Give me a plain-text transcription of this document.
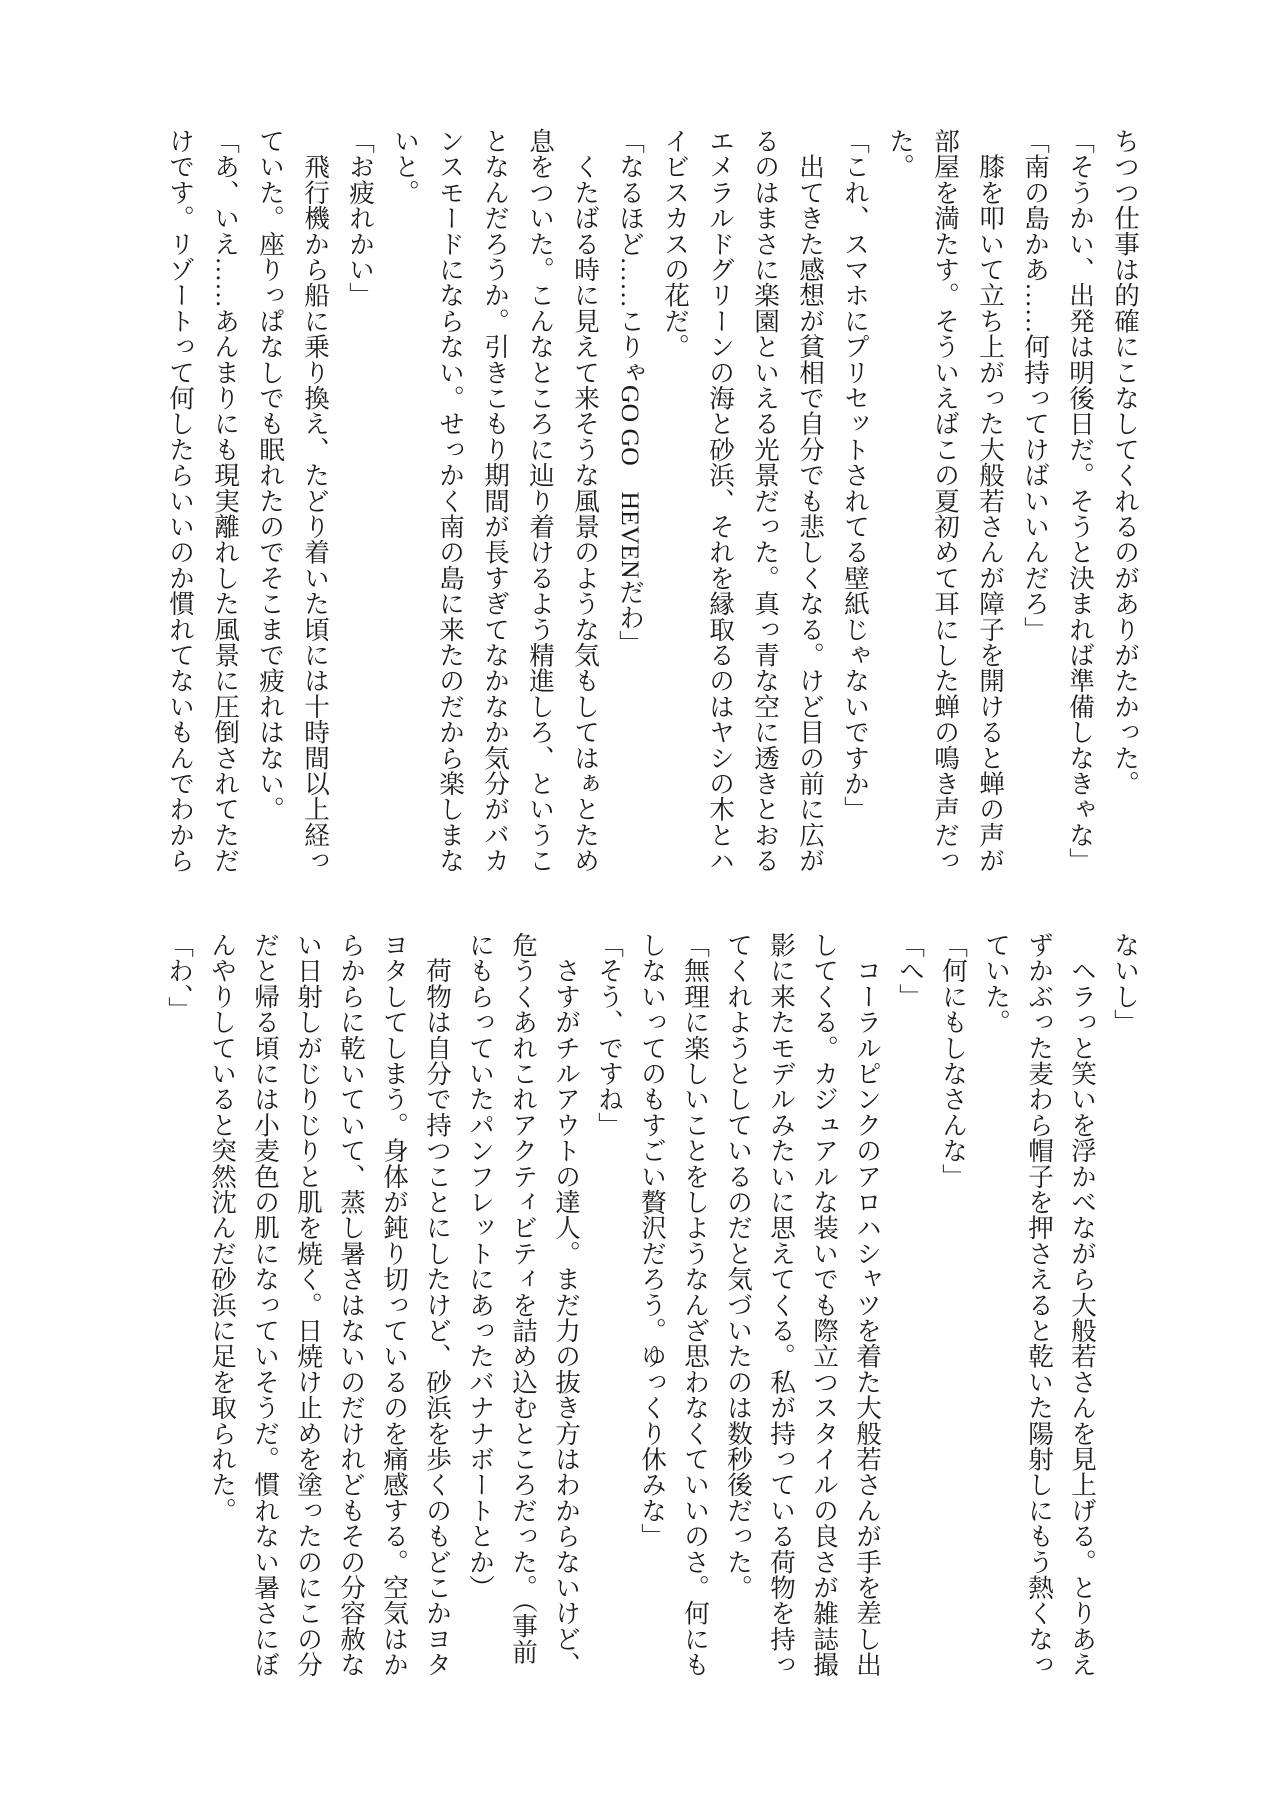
ちつつ仕事は的確にこなしてくれるのがありがたかった。

「そうかい、出発は明後日だ。そうと決まれば準備しなきゃな」

「南の島かあ……何持ってけばいいんだろ」

　膝を叩いて立ち上がった大般若さんが障子を開けると蝉の声が

部屋を満たす。そういえばこの夏初めて耳にした蝉の鳴き声だっ

た。

「これ、スマホにプリセットされてる壁紙じゃないですか」

　出てきた感想が貧相で自分でも悲しくなる。けど目の前に広が

るのはまさに楽園といえる光景だった。真っ青な空に透きとおる

エメラルドグリーンの海と砂浜、それを縁取るのはヤシの木とハ

イビスカスの花だ。

「なるほど……こりゃGO GO　HEVENだわ」

　くたばる時に見えて来そうな風景のような気もしてはぁとため

息をついた。こんなところに辿り着けるよう精進しろ、というこ

となんだろうか。引きこもり期間が長すぎてなかなか気分がバカ

ンスモードにならない。せっかく南の島に来たのだから楽しまな

いと。

「お疲れかい」

　飛行機から船に乗り換え、たどり着いた頃には十時間以上経っ

ていた。座りっぱなしでも眠れたのでそこまで疲れはない。

「あ、いえ……あんまりにも現実離れした風景に圧倒されてただ

けです。リゾートって何したらいいのか慣れてないもんでわから

ないし」

　ヘラっと笑いを浮かべながら大般若さんを見上げる。とりあえ

ずかぶった麦わら帽子を押さえると乾いた陽射しにもう熱くなっ

ていた。

「何にもしなさんな」

「へ」

　コーラルピンクのアロハシャツを着た大般若さんが手を差し出

してくる。カジュアルな装いでも際立つスタイルの良さが雑誌撮

影に来たモデルみたいに思えてくる。私が持っている荷物を持っ

てくれようとしているのだと気づいたのは数秒後だった。

「無理に楽しいことをしようなんざ思わなくていいのさ。何にも

しないってのもすごい贅沢だろう。ゆっくり休みな」

「そう、ですね」

　さすがチルアウトの達人。まだ力の抜き方はわからないけど、

危うくあれこれアクティビティを詰め込むところだった。（事前

にもらっていたパンフレットにあったバナナボートとか）

　荷物は自分で持つことにしたけど、砂浜を歩くのもどこかヨタ

ヨタしてしまう。身体が鈍り切っているのを痛感する。空気はか

らからに乾いていて、蒸し暑さはないのだけれどもその分容赦な

い日射しがじりじりと肌を焼く。日焼け止めを塗ったのにこの分

だと帰る頃には小麦色の肌になっていそうだ。慣れない暑さにぼ

んやりしていると突然沈んだ砂浜に足を取られた。

「わ、」
